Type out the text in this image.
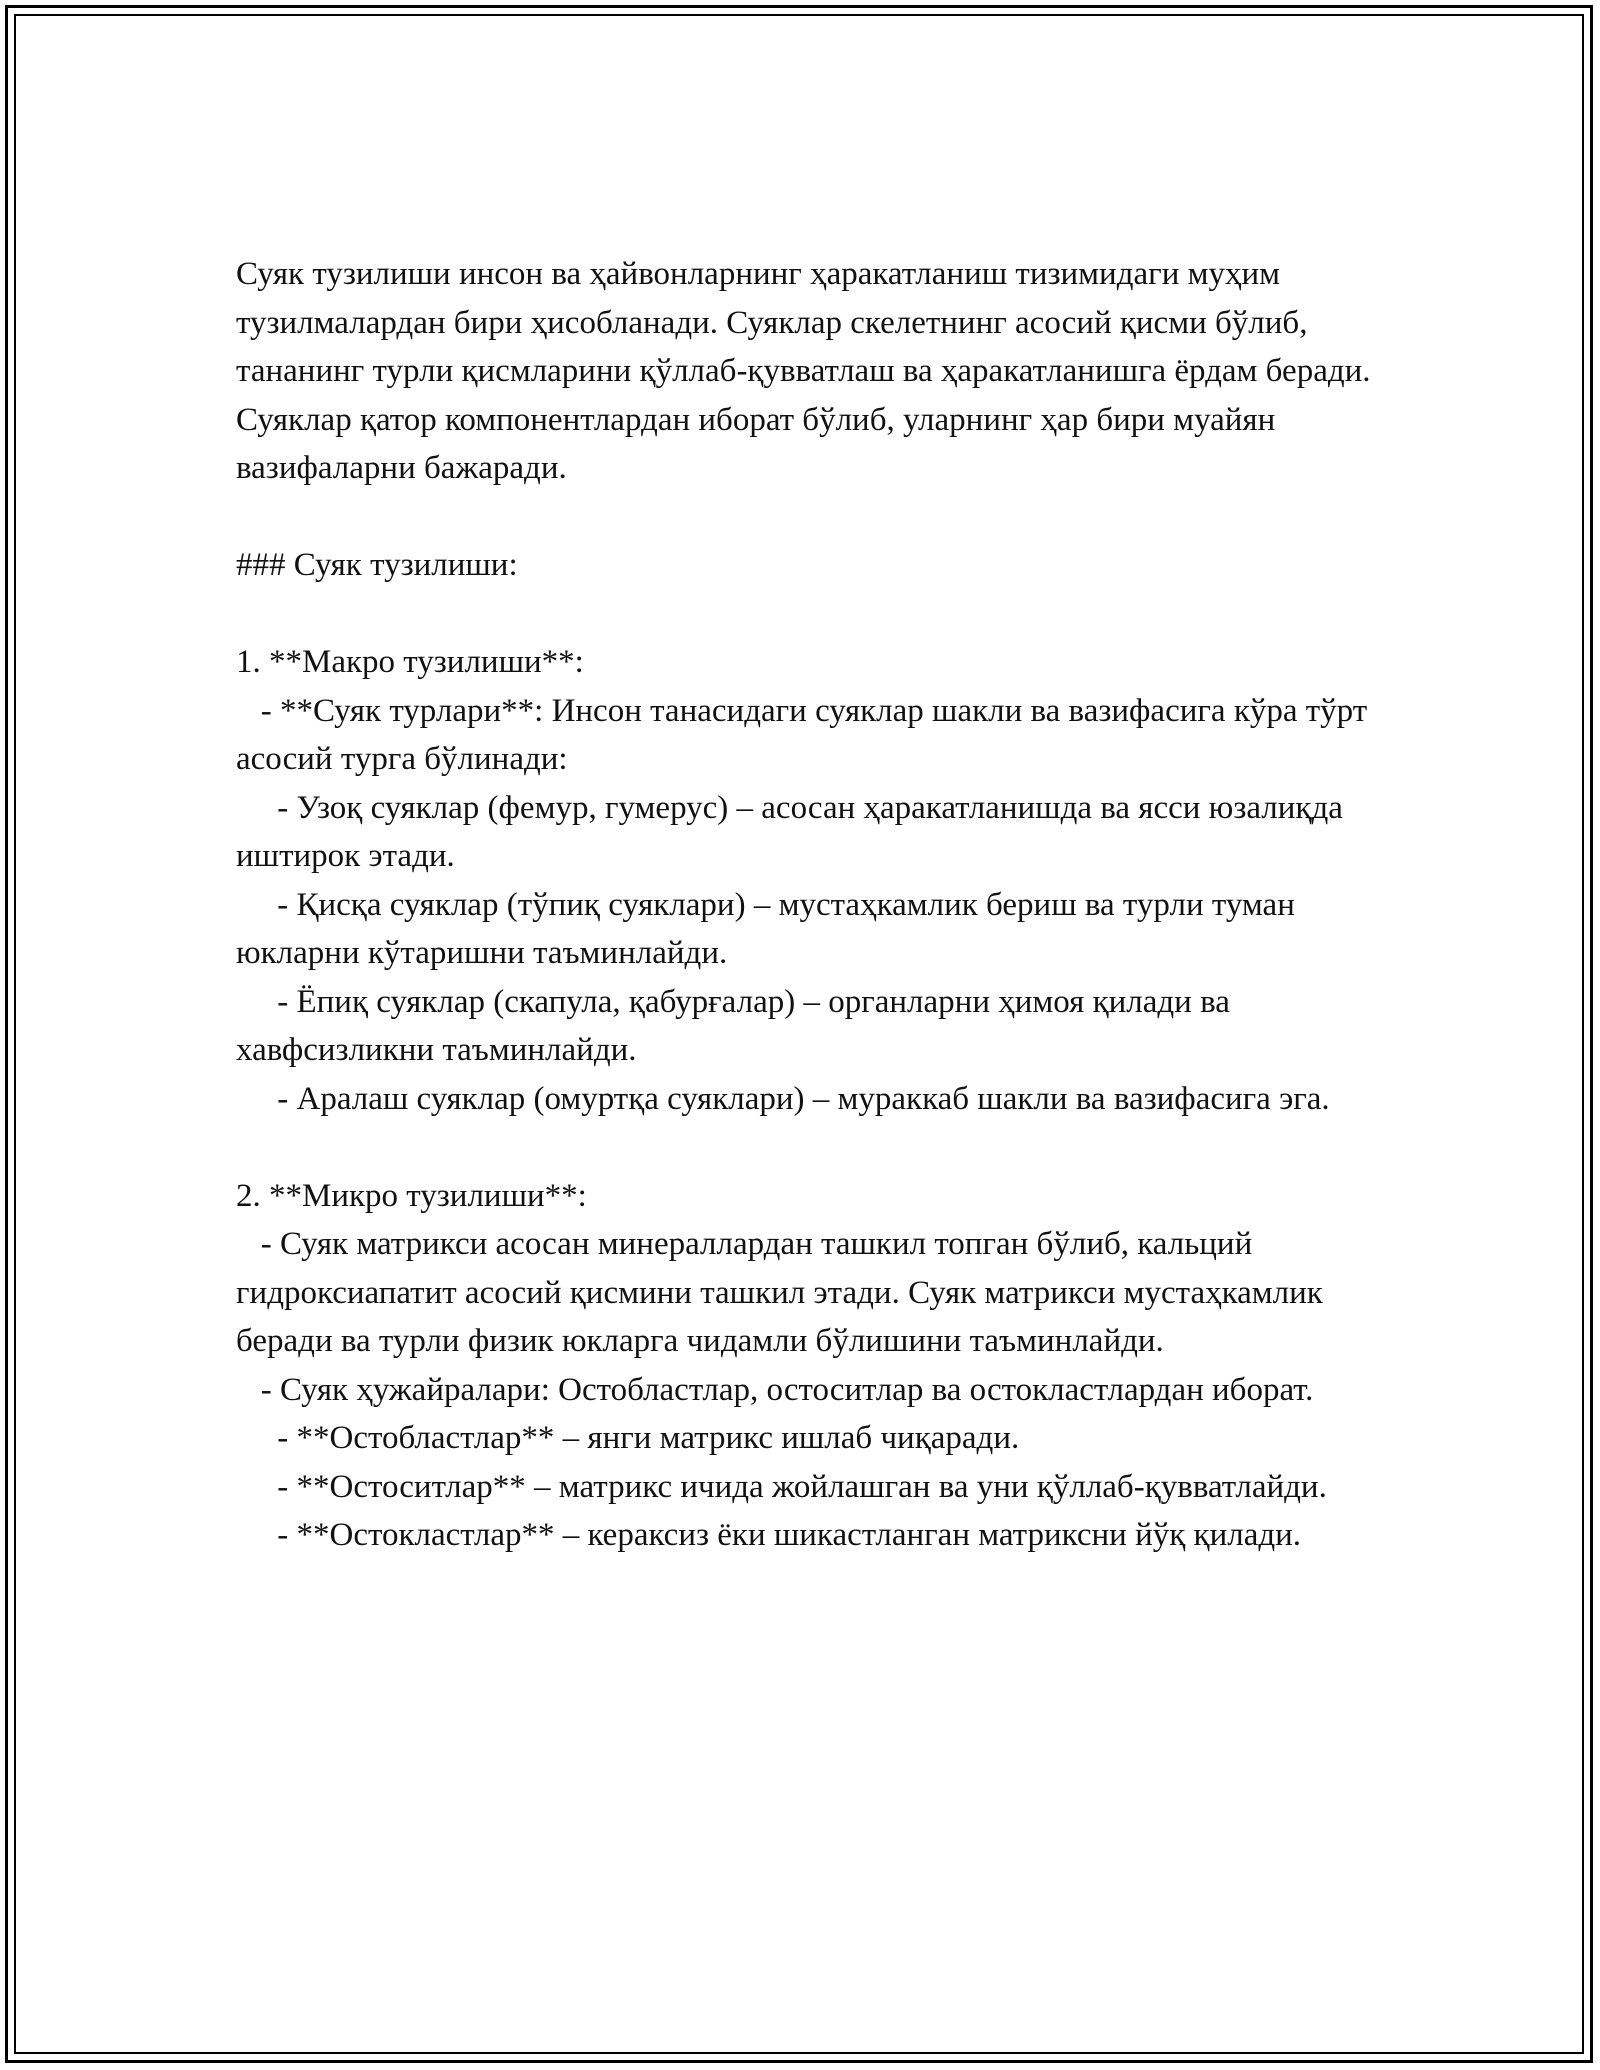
Суяк тузилиши инсон ва ҳайвонларнинг ҳаракатланиш тизимидаги муҳим тузилмалардан бири ҳисобланади. Суяклар скелетнинг асосий қисми бўлиб, тананинг турли қисмларини қўллаб-қувватлаш ва ҳаракатланишга ёрдам беради. Суяклар қатор компонентлардан иборат бўлиб, уларнинг ҳар бири муайян вазифаларни бажаради.

### Суяк тузилиши:

1. **Макро тузилиши**:
- **Суяк турлари**: Инсон танасидаги суяклар шакли ва вазифасига кўра тўрт асосий турга бўлинади:
- Узоқ суяклар (фемур, гумерус) – асосан ҳаракатланишда ва ясси юзалиқда иштирок этади.
- Қисқа суяклар (тўпиқ суяклари) – мустаҳкамлик бериш ва турли туман юкларни кўтаришни таъминлайди.
- Ёпиқ суяклар (скапула, қабурғалар) – органларни ҳимоя қилади ва хавфсизликни таъминлайди.
- Аралаш суяклар (омуртқа суяклари) – мураккаб шакли ва вазифасига эга.

2. **Микро тузилиши**:
- Суяк матрикси асосан минераллардан ташкил топган бўлиб, кальций гидроксиапатит асосий қисмини ташкил этади. Суяк матрикси мустаҳкамлик беради ва турли физик юкларга чидамли бўлишини таъминлайди.
- Суяк ҳужайралари: Остобластлар, остоситлар ва остокластлардан иборат.
- **Остобластлар** – янги матрикс ишлаб чиқаради.
- **Остоситлар** – матрикс ичида жойлашган ва уни қўллаб-қувватлайди.
- **Остокластлар** – кераксиз ёки шикастланган матриксни йўқ қилади.
